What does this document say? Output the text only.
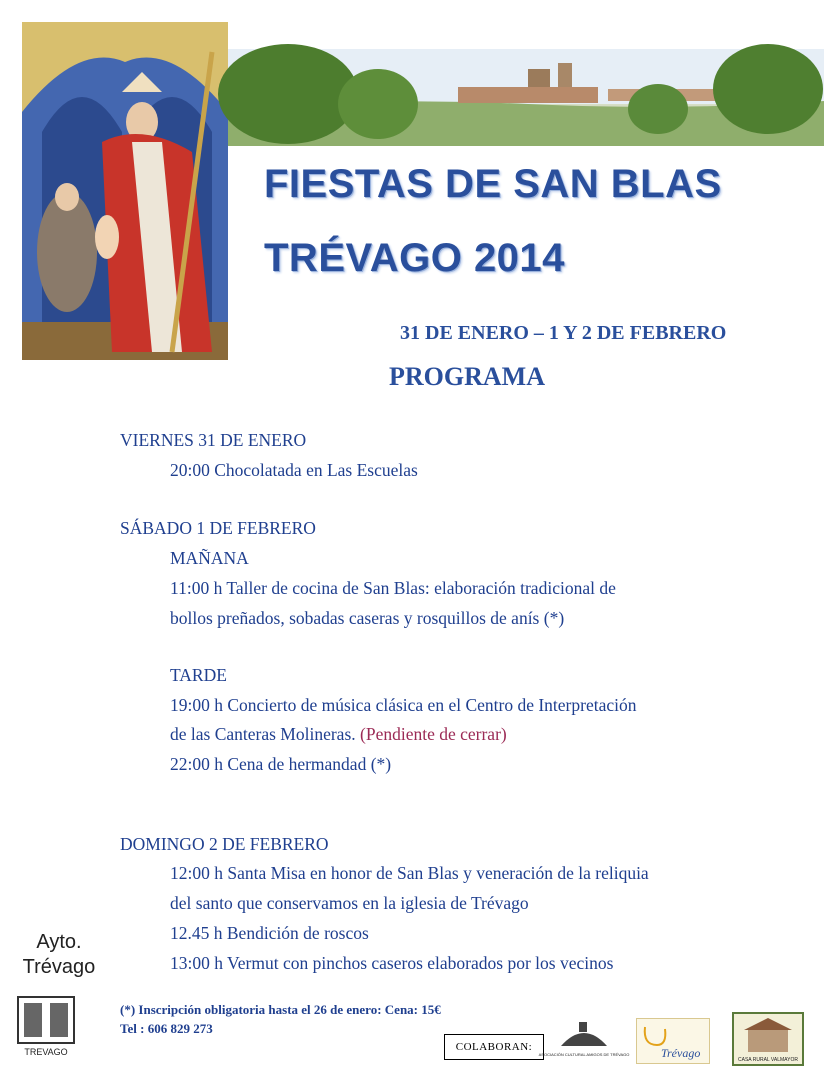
FIESTAS DE SAN BLAS
TRÉVAGO 2014
31 DE ENERO – 1 Y 2 DE FEBRERO
PROGRAMA
VIERNES 31 DE ENERO
20:00 Chocolatada en Las Escuelas
SÁBADO 1 DE FEBRERO
MAÑANA
11:00 h Taller de cocina de San Blas: elaboración tradicional de
bollos preñados, sobadas caseras y rosquillos de anís (*)
TARDE
19:00 h Concierto de música clásica en el Centro de Interpretación
de las Canteras Molineras. (Pendiente de cerrar)
22:00 h Cena de hermandad (*)
DOMINGO 2 DE FEBRERO
12:00 h Santa Misa en honor de San Blas y veneración de la reliquia
del santo que conservamos en la iglesia de Trévago
12.45 h Bendición de roscos
13:00 h Vermut con pinchos caseros elaborados por los vecinos
Ayto.
Trévago
TREVAGO
(*) Inscripción obligatoria hasta el 26 de enero: Cena: 15€
Tel : 606 829 273
COLABORAN:
ASOCIACIÓN CULTURAL AMIGOS DE TRÉVAGO	Trévago	CASA RURAL VALMAYOR
